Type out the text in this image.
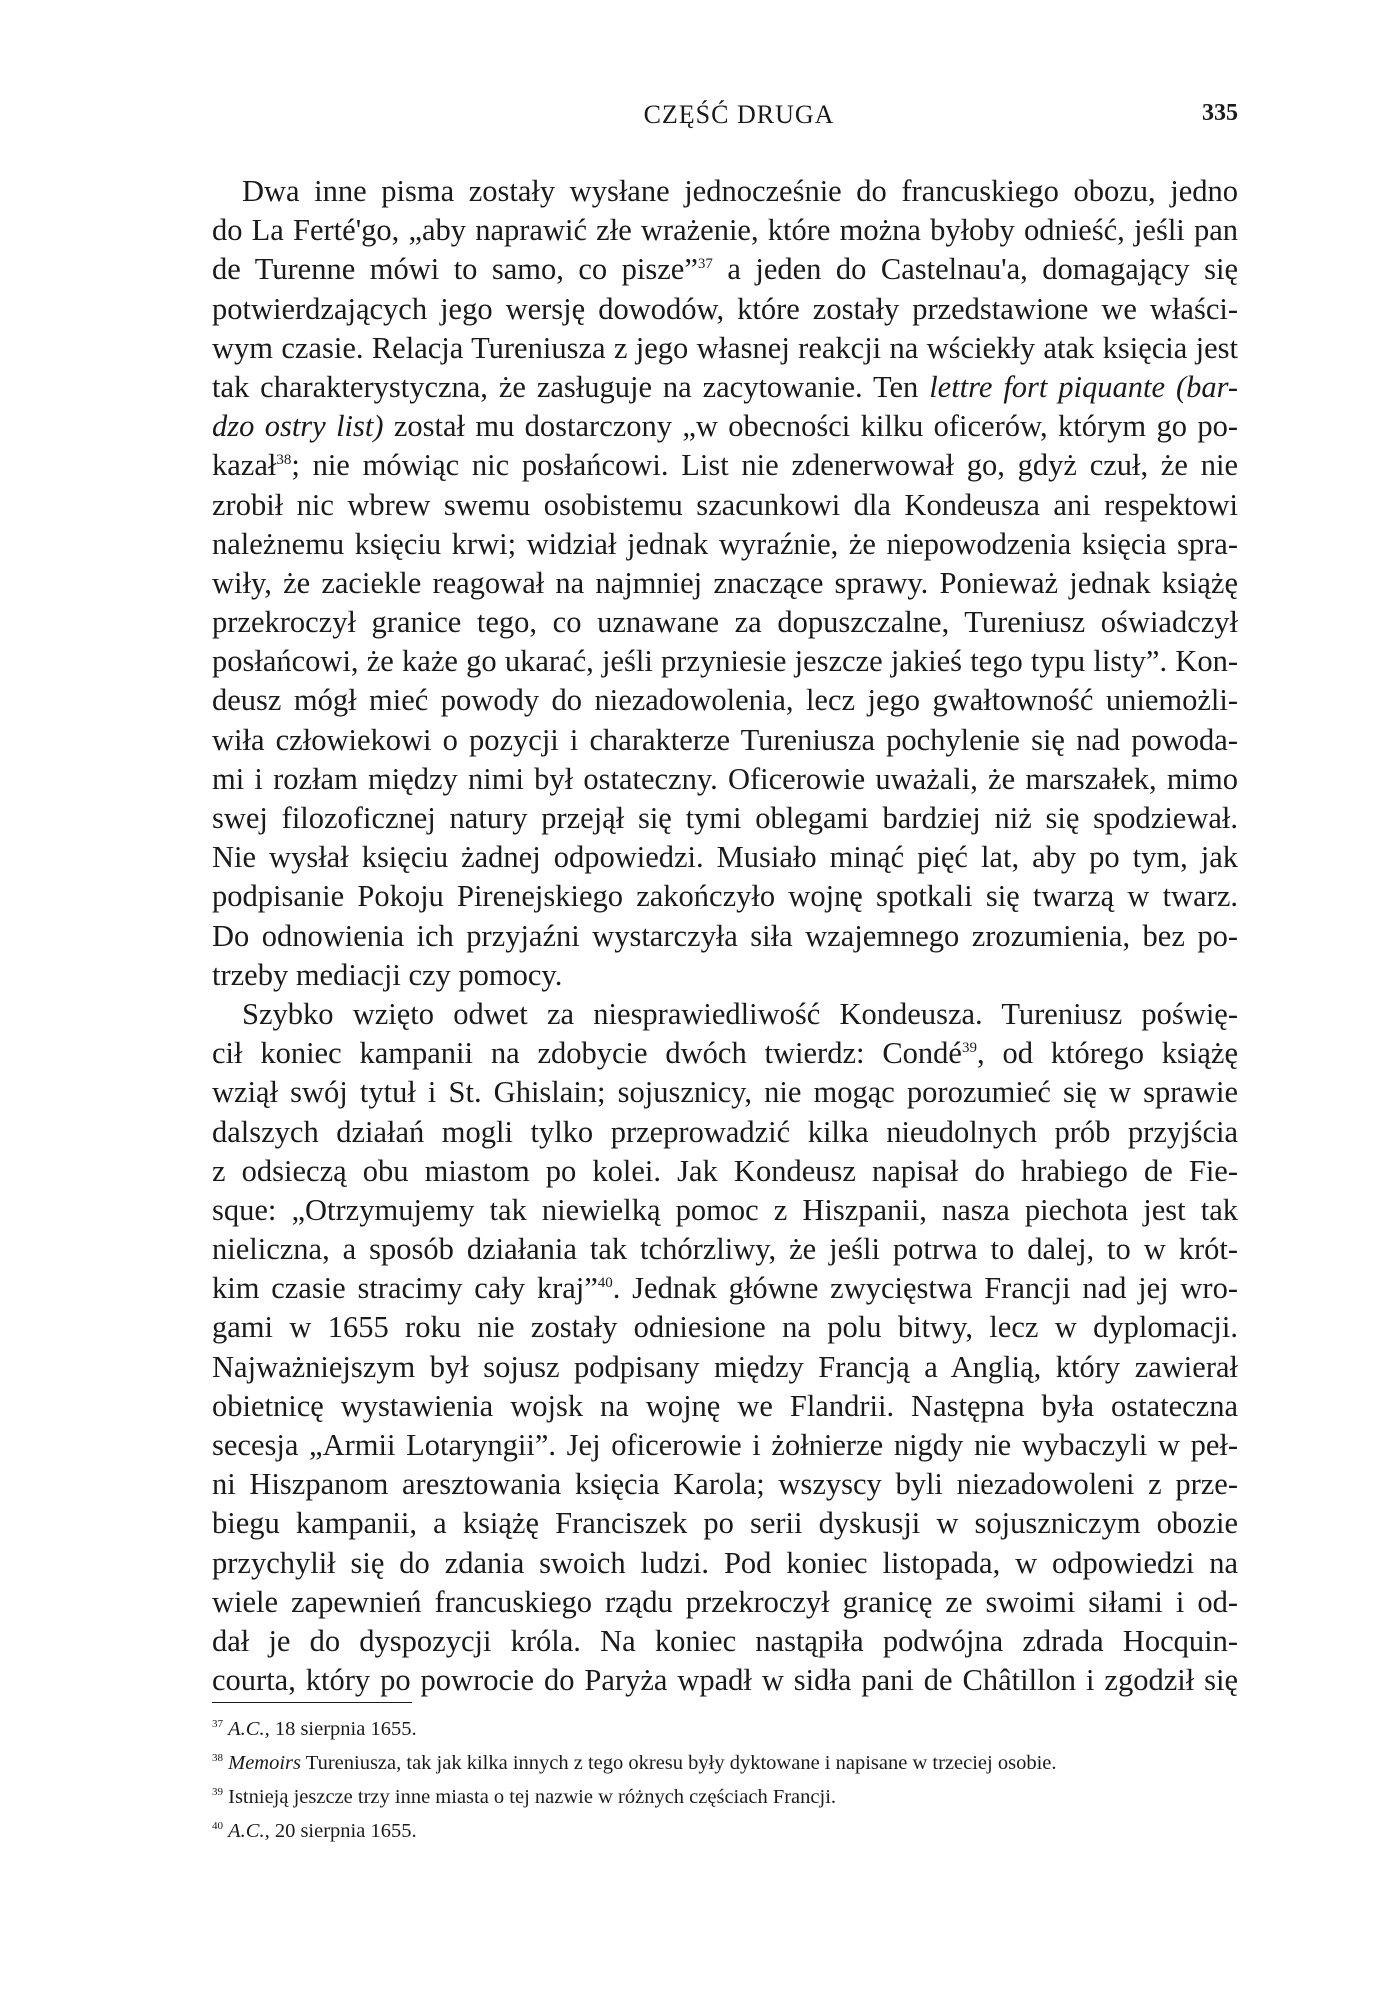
CZĘŚĆ DRUGA	335
Dwa inne pisma zostały wysłane jednocześnie do francuskiego obozu, jedno
do La Ferté'go, „aby naprawić złe wrażenie, które można byłoby odnieść, jeśli pan
de Turenne mówi to samo, co pisze”$^{37}$ a jeden do Castelnau'a, domagający się
potwierdzających jego wersję dowodów, które zostały przedstawione we właści-
wym czasie. Relacja Tureniusza z jego własnej reakcji na wściekły atak księcia jest
tak charakterystyczna, że zasługuje na zacytowanie. Ten lettre fort piquante (bar-
dzo ostry list) został mu dostarczony „w obecności kilku oficerów, którym go po-
kazał$^{38}$; nie mówiąc nic posłańcowi. List nie zdenerwował go, gdyż czuł, że nie
zrobił nic wbrew swemu osobistemu szacunkowi dla Kondeusza ani respektowi
należnemu księciu krwi; widział jednak wyraźnie, że niepowodzenia księcia spra-
wiły, że zaciekle reagował na najmniej znaczące sprawy. Ponieważ jednak książę
przekroczył granice tego, co uznawane za dopuszczalne, Tureniusz oświadczył
posłańcowi, że każe go ukarać, jeśli przyniesie jeszcze jakieś tego typu listy”. Kon-
deusz mógł mieć powody do niezadowolenia, lecz jego gwałtowność uniemożli-
wiła człowiekowi o pozycji i charakterze Tureniusza pochylenie się nad powoda-
mi i rozłam między nimi był ostateczny. Oficerowie uważali, że marszałek, mimo
swej filozoficznej natury przejął się tymi oblegami bardziej niż się spodziewał.
Nie wysłał księciu żadnej odpowiedzi. Musiało minąć pięć lat, aby po tym, jak
podpisanie Pokoju Pirenejskiego zakończyło wojnę spotkali się twarzą w twarz.
Do odnowienia ich przyjaźni wystarczyła siła wzajemnego zrozumienia, bez po-
trzeby mediacji czy pomocy.
Szybko wzięto odwet za niesprawiedliwość Kondeusza. Tureniusz poświę-
cił koniec kampanii na zdobycie dwóch twierdz: Condé$^{39}$, od którego książę
wziął swój tytuł i St. Ghislain; sojusznicy, nie mogąc porozumieć się w sprawie
dalszych działań mogli tylko przeprowadzić kilka nieudolnych prób przyjścia
z odsieczą obu miastom po kolei. Jak Kondeusz napisał do hrabiego de Fie-
sque: „Otrzymujemy tak niewielką pomoc z Hiszpanii, nasza piechota jest tak
nieliczna, a sposób działania tak tchórzliwy, że jeśli potrwa to dalej, to w krót-
kim czasie stracimy cały kraj”$^{40}$. Jednak główne zwycięstwa Francji nad jej wro-
gami w 1655 roku nie zostały odniesione na polu bitwy, lecz w dyplomacji.
Najważniejszym był sojusz podpisany między Francją a Anglią, który zawierał
obietnicę wystawienia wojsk na wojnę we Flandrii. Następna była ostateczna
secesja „Armii Lotaryngii”. Jej oficerowie i żołnierze nigdy nie wybaczyli w peł-
ni Hiszpanom aresztowania księcia Karola; wszyscy byli niezadowoleni z prze-
biegu kampanii, a książę Franciszek po serii dyskusji w sojuszniczym obozie
przychylił się do zdania swoich ludzi. Pod koniec listopada, w odpowiedzi na
wiele zapewnień francuskiego rządu przekroczył granicę ze swoimi siłami i od-
dał je do dyspozycji króla. Na koniec nastąpiła podwójna zdrada Hocquin-
courta, który po powrocie do Paryża wpadł w sidła pani de Châtillon i zgodził się
$^{37}$ A.C., 18 sierpnia 1655.
$^{38}$ Memoirs Tureniusza, tak jak kilka innych z tego okresu były dyktowane i napisane w trzeciej osobie.
$^{39}$ Istnieją jeszcze trzy inne miasta o tej nazwie w różnych częściach Francji.
$^{40}$ A.C., 20 sierpnia 1655.
